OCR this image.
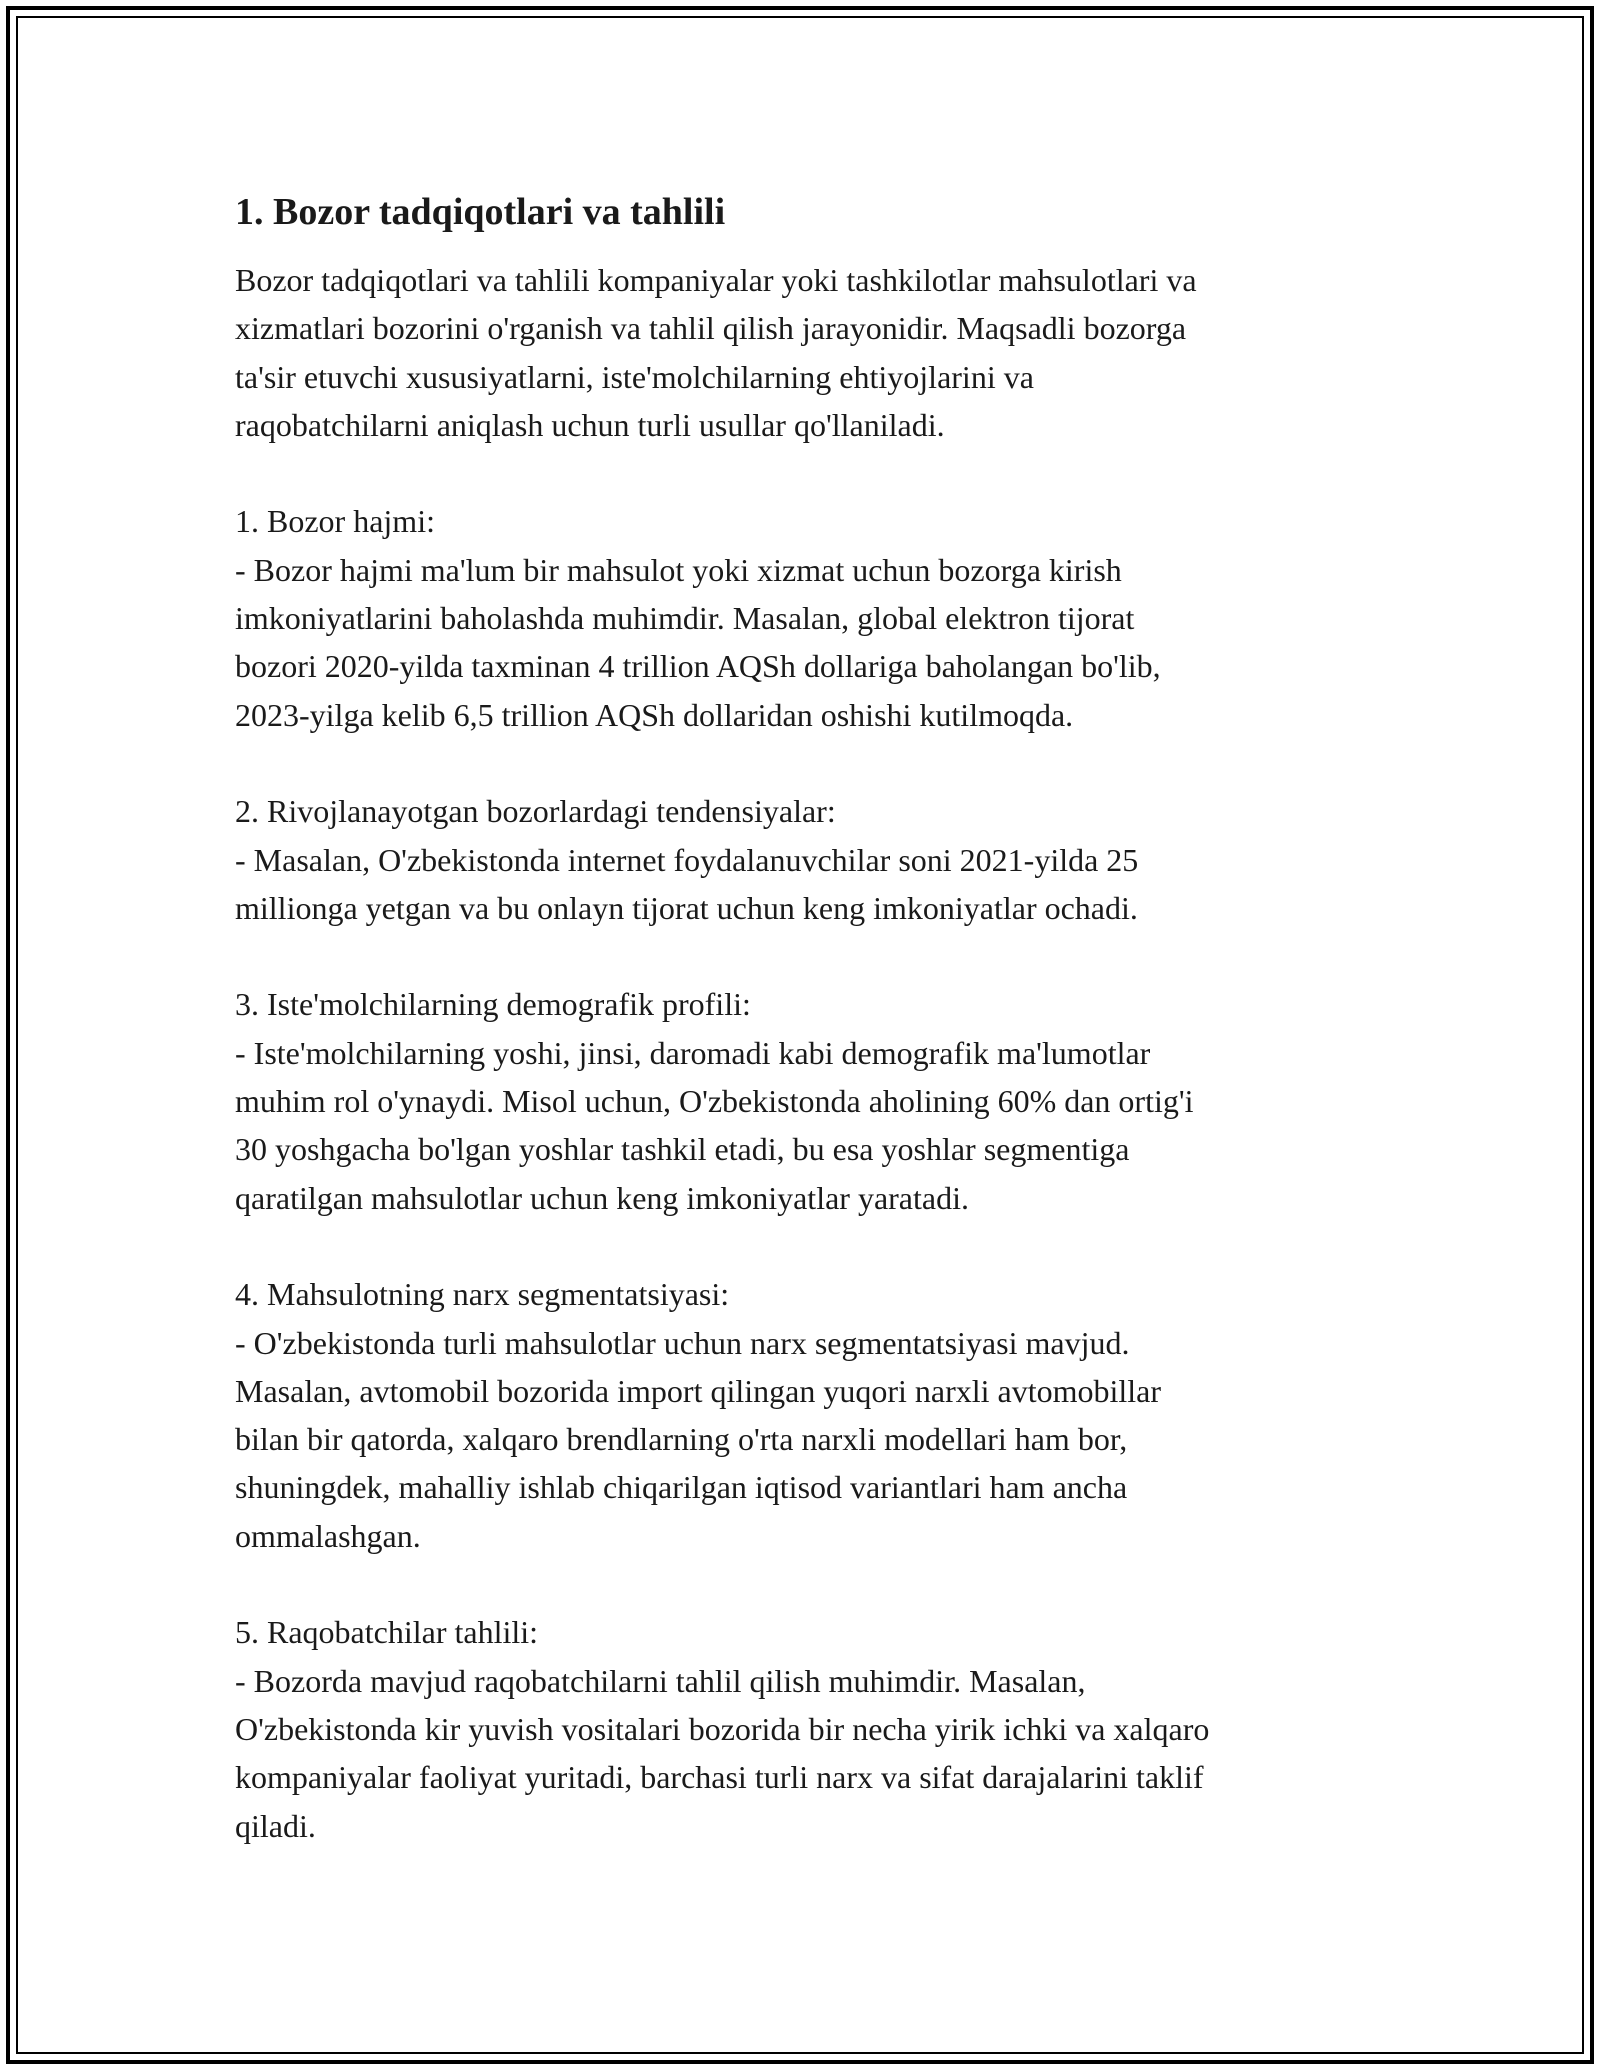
1. Bozor tadqiqotlari va tahlili

Bozor tadqiqotlari va tahlili kompaniyalar yoki tashkilotlar mahsulotlari va
xizmatlari bozorini o'rganish va tahlil qilish jarayonidir. Maqsadli bozorga
ta'sir etuvchi xususiyatlarni, iste'molchilarning ehtiyojlarini va
raqobatchilarni aniqlash uchun turli usullar qo'llaniladi.

1. Bozor hajmi:

- Bozor hajmi ma'lum bir mahsulot yoki xizmat uchun bozorga kirish
imkoniyatlarini baholashda muhimdir. Masalan, global elektron tijorat
bozori 2020-yilda taxminan 4 trillion AQSh dollariga baholangan bo'lib,
2023-yilga kelib 6,5 trillion AQSh dollaridan oshishi kutilmoqda.

2. Rivojlanayotgan bozorlardagi tendensiyalar:

- Masalan, O'zbekistonda internet foydalanuvchilar soni 2021-yilda 25
millionga yetgan va bu onlayn tijorat uchun keng imkoniyatlar ochadi.

3. Iste'molchilarning demografik profili:

- Iste'molchilarning yoshi, jinsi, daromadi kabi demografik ma'lumotlar
muhim rol o'ynaydi. Misol uchun, O'zbekistonda aholining 60% dan ortig'i
30 yoshgacha bo'lgan yoshlar tashkil etadi, bu esa yoshlar segmentiga
qaratilgan mahsulotlar uchun keng imkoniyatlar yaratadi.

4. Mahsulotning narx segmentatsiyasi:

- O'zbekistonda turli mahsulotlar uchun narx segmentatsiyasi mavjud.
Masalan, avtomobil bozorida import qilingan yuqori narxli avtomobillar
bilan bir qatorda, xalqaro brendlarning o'rta narxli modellari ham bor,
shuningdek, mahalliy ishlab chiqarilgan iqtisod variantlari ham ancha
ommalashgan.

5. Raqobatchilar tahlili:

- Bozorda mavjud raqobatchilarni tahlil qilish muhimdir. Masalan,
O'zbekistonda kir yuvish vositalari bozorida bir necha yirik ichki va xalqaro
kompaniyalar faoliyat yuritadi, barchasi turli narx va sifat darajalarini taklif
qiladi.
